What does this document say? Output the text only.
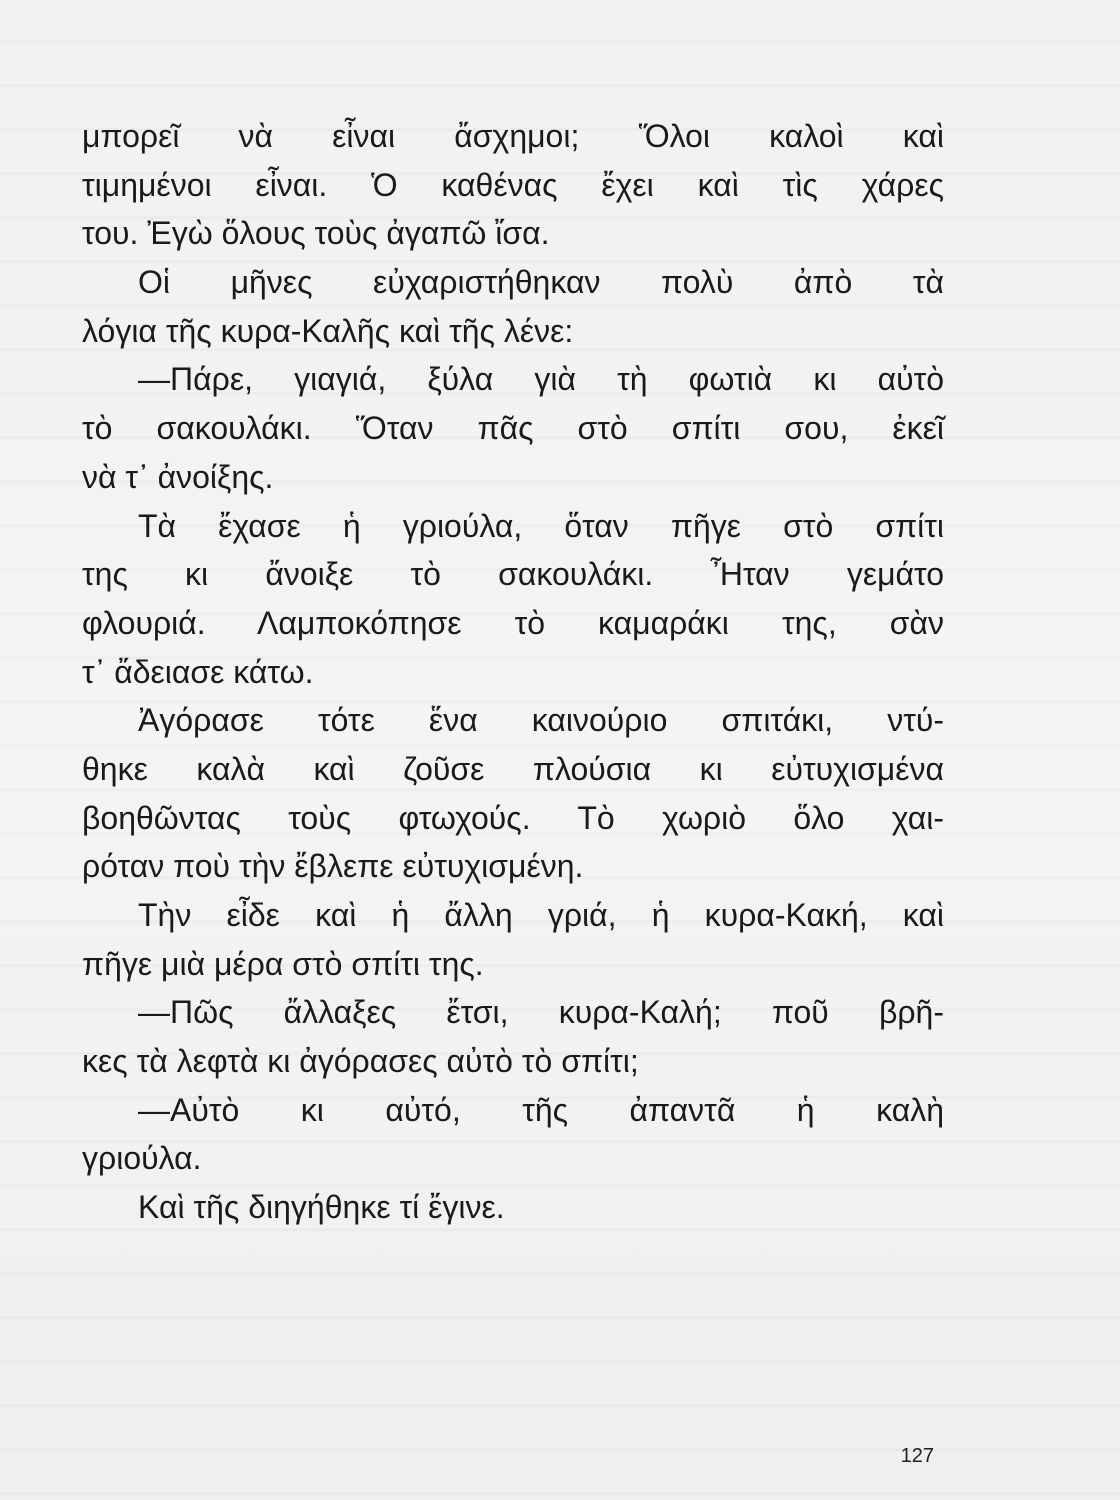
μπορεῖ νὰ εἶναι ἄσχημοι; Ὅλοι καλοὶ καὶ
τιμημένοι εἶναι. Ὁ καθένας ἔχει καὶ τὶς χάρες
του. Ἐγὼ ὅλους τοὺς ἀγαπῶ ἴσα.
Οἱ μῆνες εὐχαριστήθηκαν πολὺ ἀπὸ τὰ
λόγια τῆς κυρα-Καλῆς καὶ τῆς λένε:
—Πάρε, γιαγιά, ξύλα γιὰ τὴ φωτιὰ κι αὐτὸ
τὸ σακουλάκι. Ὅταν πᾶς στὸ σπίτι σου, ἐκεῖ
νὰ τ᾽ ἀνοίξης.
Τὰ ἔχασε ἡ γριούλα, ὅταν πῆγε στὸ σπίτι
της κι ἄνοιξε τὸ σακουλάκι. Ἦταν γεμάτο
φλουριά. Λαμποκόπησε τὸ καμαράκι της, σὰν
τ᾽ ἄδειασε κάτω.
Ἀγόρασε τότε ἕνα καινούριο σπιτάκι, ντύ-
θηκε καλὰ καὶ ζοῦσε πλούσια κι εὐτυχισμένα
βοηθῶντας τοὺς φτωχούς. Τὸ χωριὸ ὅλο χαι-
ρόταν ποὺ τὴν ἔβλεπε εὐτυχισμένη.
Τὴν εἶδε καὶ ἡ ἄλλη γριά, ἡ κυρα-Κακή, καὶ
πῆγε μιὰ μέρα στὸ σπίτι της.
—Πῶς ἄλλαξες ἔτσι, κυρα-Καλή; ποῦ βρῆ-
κες τὰ λεφτὰ κι ἀγόρασες αὐτὸ τὸ σπίτι;
—Αὐτὸ κι αὐτό, τῆς ἀπαντᾶ ἡ καλὴ
γριούλα.
Καὶ τῆς διηγήθηκε τί ἔγινε.
127
